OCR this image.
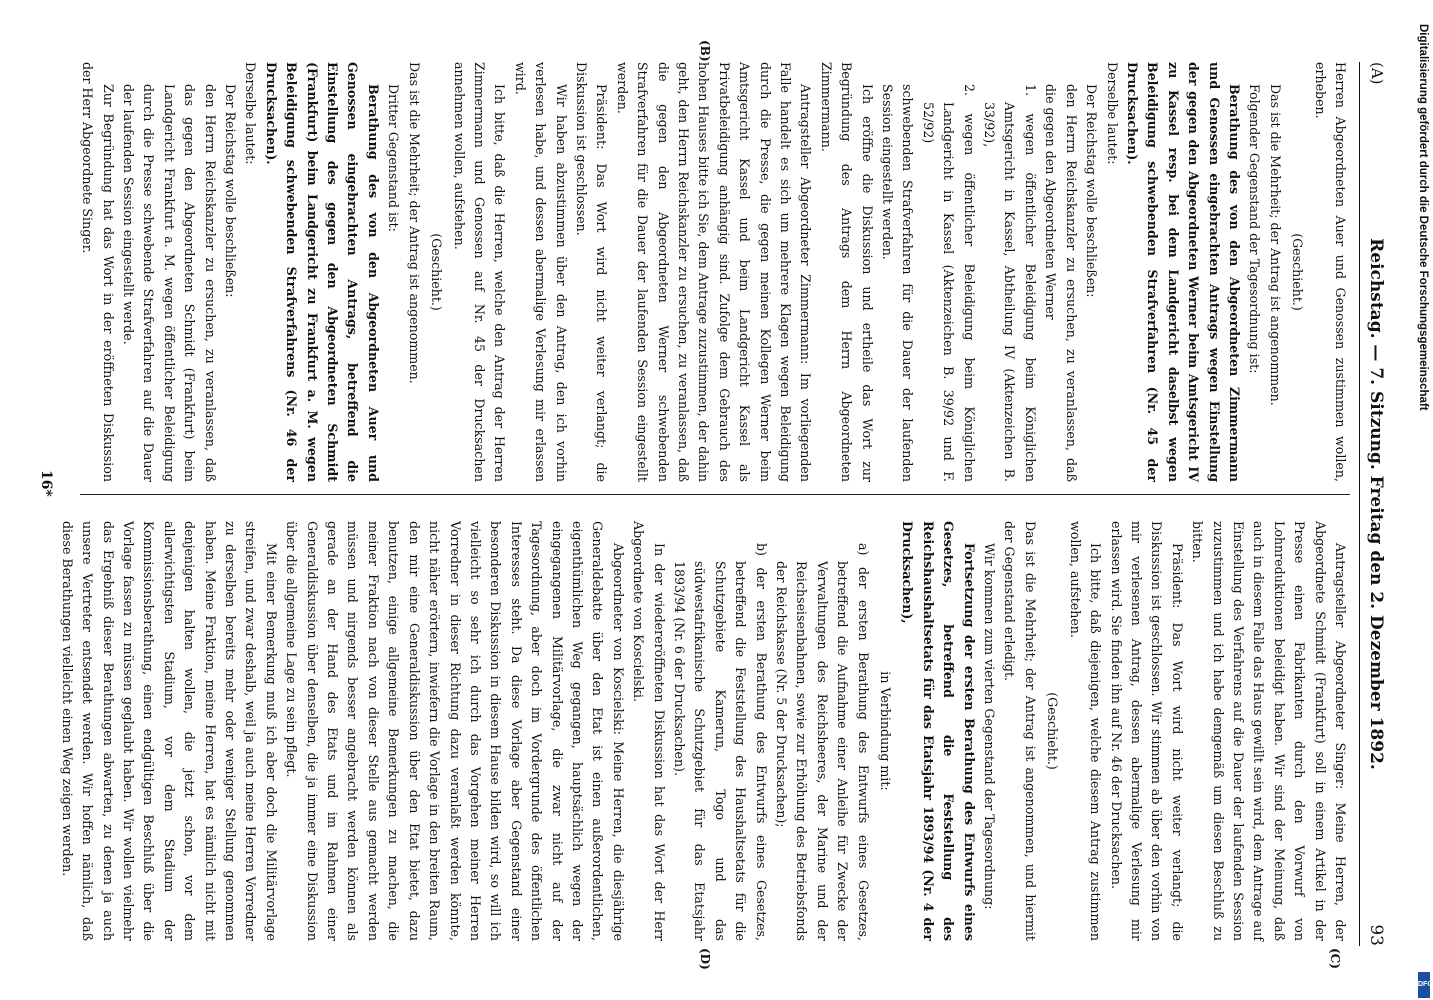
(A)
Reichstag. — 7. Sitzung. Freitag den 2. Dezember 1892.
93
(B)
(C)
(D)

Herren Abgeordneten Auer und Genossen zustimmen wollen, erheben.

(Geschieht.)

Das ist die Mehrheit; der Antrag ist angenommen.

Folgender Gegenstand der Tagesordnung ist:

Berathung des von den Abgeordneten Zimmermann und Genossen eingebrachten Antrags wegen Einstellung der gegen den Abgeordneten Werner beim Amtsgericht IV zu Kassel resp. bei dem Landgericht daselbst wegen Beleidigung schwebenden Strafverfahren (Nr. 45 der Drucksachen).

Derselbe lautet:

Der Reichstag wolle beschließen:

den Herrn Reichskanzler zu ersuchen, zu veranlassen, daß die gegen den Abgeordneten Werner

1. wegen öffentlicher Beleidigung beim Königlichen Amtsgericht in Kassel, Abtheilung IV (Aktenzeichen B. 33/92),

2. wegen öffentlicher Beleidigung beim Königlichen Landgericht in Kassel (Aktenzeichen B. 39/92 und F. 52/92)

schwebenden Strafverfahren für die Dauer der laufenden Session eingestellt werden.

Ich eröffne die Diskussion und ertheile das Wort zur Begründung des Antrags dem Herrn Abgeordneten Zimmermann.

Antragsteller Abgeordneter Zimmermann: Im vorliegenden Falle handelt es sich um mehrere Klagen wegen Beleidigung durch die Presse, die gegen meinen Kollegen Werner beim Amtsgericht Kassel und beim Landgericht Kassel als Privatbeleidigung anhängig sind. Zufolge dem Gebrauch des hohen Hauses bitte ich Sie, dem Antrage zuzustimmen, der dahin geht, den Herrn Reichskanzler zu ersuchen, zu veranlassen, daß die gegen den Abgeordneten Werner schwebenden Strafverfahren für die Dauer der laufenden Session eingestellt werden.

Präsident: Das Wort wird nicht weiter verlangt; die Diskussion ist geschlossen.

Wir haben abzustimmen über den Antrag, den ich vorhin verlesen habe, und dessen abermalige Verlesung mir erlassen wird.

Ich bitte, daß die Herren, welche den Antrag der Herren Zimmermann und Genossen auf Nr. 45 der Drucksachen annehmen wollen, aufstehen.

(Geschieht.)

Das ist die Mehrheit; der Antrag ist angenommen.

Dritter Gegenstand ist:

Berathung des von den Abgeordneten Auer und Genossen eingebrachten Antrags, betreffend die Einstellung des gegen den Abgeordneten Schmidt (Frankfurt) beim Landgericht zu Frankfurt a. M. wegen Beleidigung schwebenden Strafverfahrens (Nr. 46 der Drucksachen).

Derselbe lautet:

Der Reichstag wolle beschließen:

den Herrn Reichskanzler zu ersuchen, zu veranlassen, daß das gegen den Abgeordneten Schmidt (Frankfurt) beim Landgericht Frankfurt a. M. wegen öffentlicher Beleidigung durch die Presse schwebende Strafverfahren auf die Dauer der laufenden Session eingestellt werde.

Zur Begründung hat das Wort in der eröffneten Diskussion der Herr Abgeordnete Singer.

Antragsteller Abgeordneter Singer: Meine Herren, der Abgeordnete Schmidt (Frankfurt) soll in einem Artikel in der Presse einen Fabrikanten durch den Vorwurf von Lohnreduktionen beleidigt haben. Wir sind der Meinung, daß auch in diesem Falle das Haus gewillt sein wird, dem Antrage auf Einstellung des Verfahrens auf die Dauer der laufenden Session zuzustimmen und ich habe demgemäß um diesen Beschluß zu bitten.

Präsident: Das Wort wird nicht weiter verlangt; die Diskussion ist geschlossen. Wir stimmen ab über den vorhin von mir verlesenen Antrag, dessen abermalige Verlesung mir erlassen wird. Sie finden ihn auf Nr. 46 der Drucksachen.

Ich bitte, daß diejenigen, welche diesem Antrag zustimmen wollen, aufstehen.

(Geschieht.)

Das ist die Mehrheit; der Antrag ist angenommen, und hiermit der Gegenstand erledigt.

Wir kommen zum vierten Gegenstand der Tagesordnung:

Fortsetzung der ersten Berathung des Entwurfs eines Gesetzes, betreffend die Feststellung des Reichshaushaltsetats für das Etatsjahr 1893/94 (Nr. 4 der Drucksachen),

in Verbindung mit:

a) der ersten Berathung des Entwurfs eines Gesetzes, betreffend die Aufnahme einer Anleihe für Zwecke der Verwaltungen des Reichsheeres, der Marine und der Reichseisenbahnen, sowie zur Erhöhung des Betriebsfonds der Reichskasse (Nr. 5 der Drucksachen);

b) der ersten Berathung des Entwurfs eines Gesetzes, betreffend die Feststellung des Haushaltsetats für die Schutzgebiete Kamerun, Togo und das südwestafrikanische Schutzgebiet für das Etatsjahr 1893/94 (Nr. 6 der Drucksachen).

In der wiedereröffneten Diskussion hat das Wort der Herr Abgeordnete von Koscielski.

Abgeordneter von Koscielski: Meine Herren, die diesjährige Generaldebatte über den Etat ist einen außerordentlichen, eigenthümlichen Weg gegangen, hauptsächlich wegen der eingegangenen Militärvorlage, die zwar nicht auf der Tagesordnung, aber doch im Vordergrunde des öffentlichen Interesses steht. Da diese Vorlage aber Gegenstand einer besonderen Diskussion in diesem Hause bilden wird, so will ich vielleicht so sehr ich durch das Vorgehen meiner Herren Vorredner in dieser Richtung dazu veranlaßt werden könnte, nicht näher erörtern, inwiefern die Vorlage in den breiten Raum, den mir eine Generaldiskussion über den Etat bietet, dazu benutzen, einige allgemeine Bemerkungen zu machen, die meiner Fraktion nach von dieser Stelle aus gemacht werden müssen und nirgends besser angebracht werden können als gerade an der Hand des Etats und im Rahmen einer Generaldiskussion über denselben, die ja immer eine Diskussion über die allgemeine Lage zu sein pflegt.

Mit einer Bemerkung muß ich aber doch die Militärvorlage streifen, und zwar deshalb, weil ja auch meine Herren Vorredner zu derselben bereits mehr oder weniger Stellung genommen haben. Meine Fraktion, meine Herren, hat es nämlich nicht mit denjenigen halten wollen, die jetzt schon, vor dem allerwichtigsten Stadium, vor dem Stadium der Kommissionsberathung, einen endgültigen Beschluß über die Vorlage fassen zu müssen geglaubt haben. Wir wollen vielmehr das Ergebniß dieser Berathungen abwarten, zu denen ja auch unsere Vertreter entsendet werden. Wir hoffen nämlich, daß diese Berathungen vielleicht einen Weg zeigen werden.

16*
Digitalisierung gefördert durch die Deutsche Forschungsgemeinschaft
DFG
